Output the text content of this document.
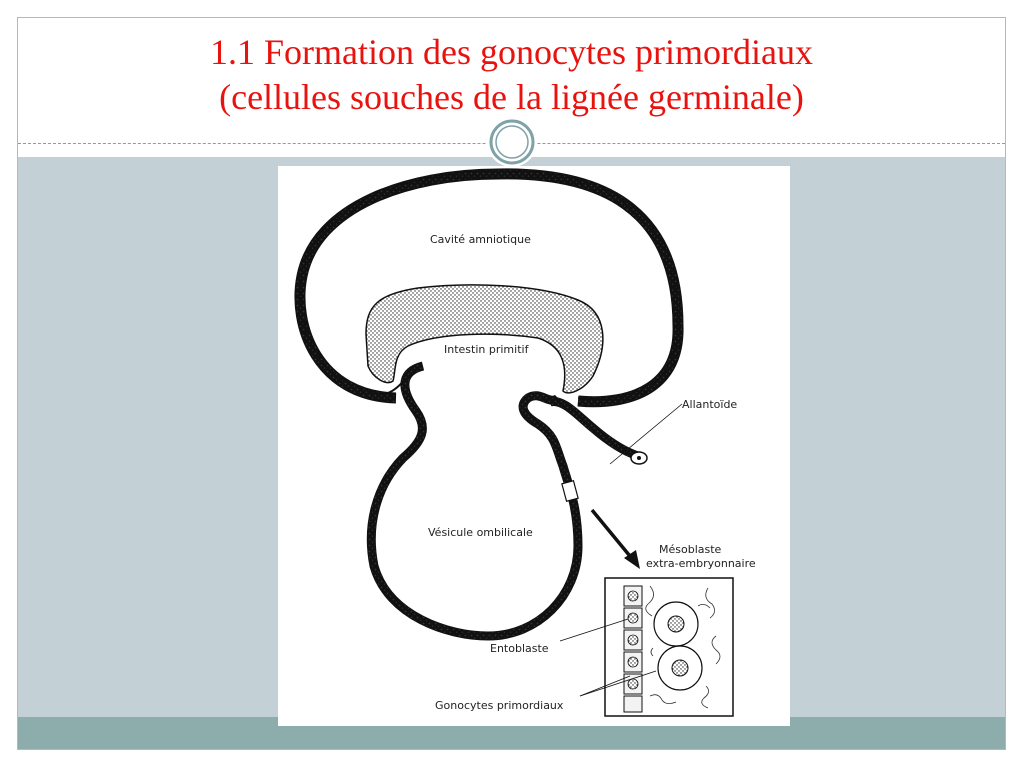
1.1 Formation des gonocytes primordiaux
(cellules souches de la lignée germinale)
Cavité amniotique
Intestin primitif
Allantoïde
Vésicule ombilicale
Mésoblaste
extra-embryonnaire
Entoblaste
Gonocytes primordiaux
